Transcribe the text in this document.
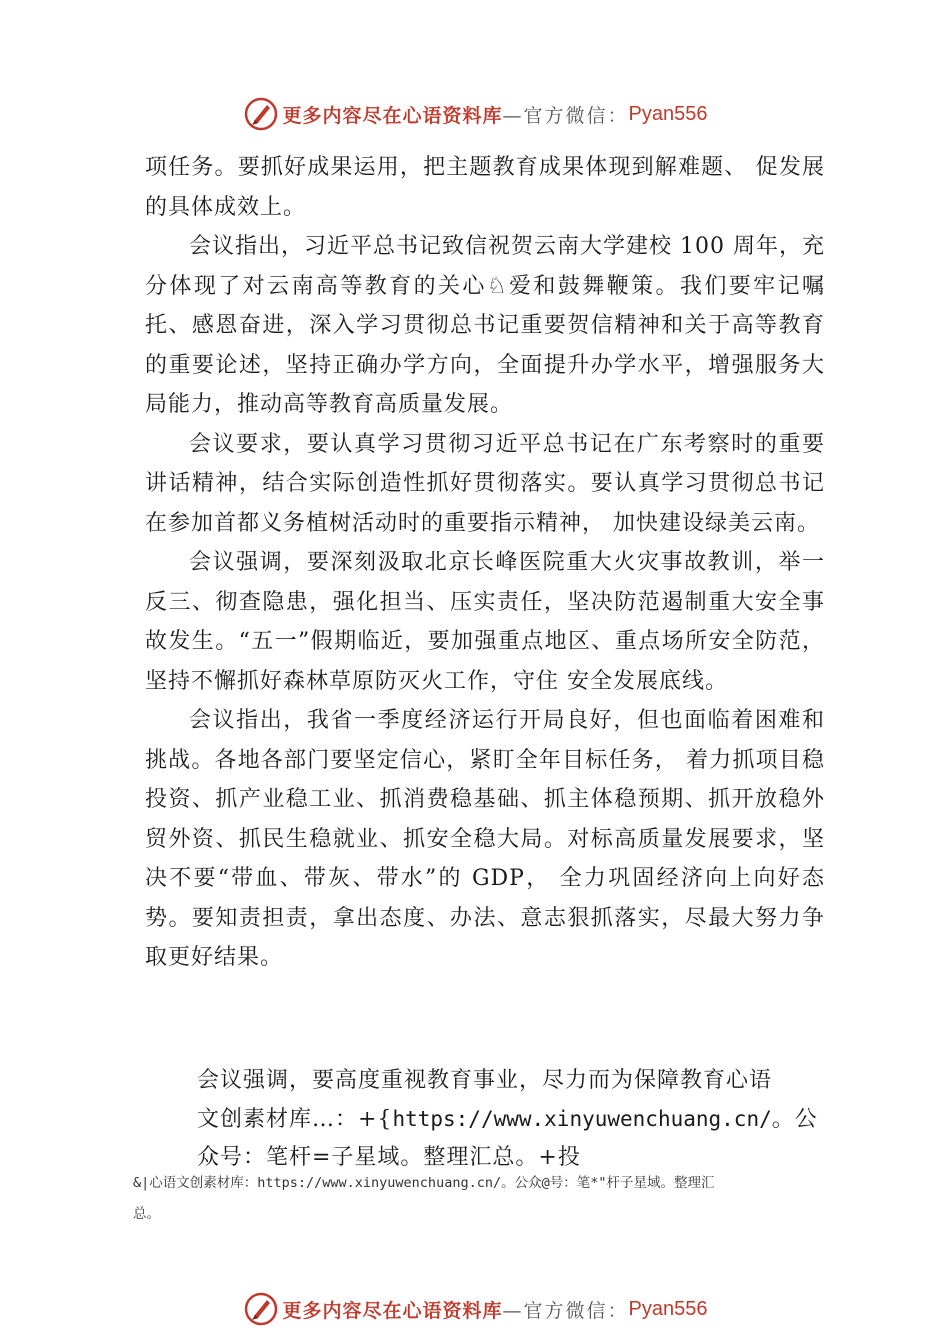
更多内容尽在心语资料库 —官方微信： Pyan556

项任务。要抓好成果运用，把主题教育成果体现到解难题、 促发展的具体成效上。

会议指出，习近平总书记致信祝贺云南大学建校 100 周年，充分体现了对云南高等教育的关心♘爱和鼓舞鞭策。我们要牢记嘱托、感恩奋进，深入学习贯彻总书记重要贺信精神和关于高等教育的重要论述，坚持正确办学方向，全面提升办学水平，增强服务大局能力，推动高等教育高质量发展。

会议要求，要认真学习贯彻习近平总书记在广东考察时的重要讲话精神，结合实际创造性抓好贯彻落实。要认真学习贯彻总书记在参加首都义务植树活动时的重要指示精神， 加快建设绿美云南。

会议强调，要深刻汲取北京长峰医院重大火灾事故教训，举一反三、彻查隐患，强化担当、压实责任，坚决防范遏制重大安全事故发生。“五一”假期临近，要加强重点地区、重点场所安全防范，坚持不懈抓好森林草原防灭火工作，守住 安全发展底线。

会议指出，我省一季度经济运行开局良好，但也面临着困难和挑战。各地各部门要坚定信心，紧盯全年目标任务， 着力抓项目稳投资、抓产业稳工业、抓消费稳基础、抓主体稳预期、抓开放稳外贸外资、抓民生稳就业、抓安全稳大局。对标高质量发展要求，坚决不要“带血、带灰、带水”的 GDP， 全力巩固经济向上向好态势。要知责担责，拿出态度、办法、意志狠抓落实，尽最大努力争取更好结果。

会议强调，要高度重视教育事业，尽力而为保障教育心语

文创素材库…：+{https://www.xinyuwenchuang.cn/。公

众号：笔杆=子星域。整理汇总。+投

&|心语文创素材库：https://www.xinyuwenchuang.cn/。公众@号：笔*"杆子星域。整理汇

总。

更多内容尽在心语资料库 —官方微信： Pyan556
